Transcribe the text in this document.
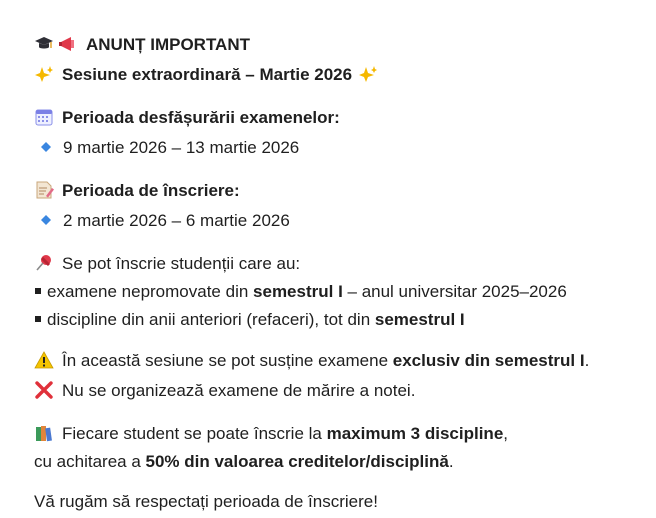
ANUNȚ IMPORTANT
Sesiune extraordinară – Martie 2026
Perioada desfășurării examenelor:
9 martie 2026 – 13 martie 2026
Perioada de înscriere:
2 martie 2026 – 6 martie 2026
Se pot înscrie studenții care au:
examene nepromovate din semestrul I – anul universitar 2025–2026
discipline din anii anteriori (refaceri), tot din semestrul I
În această sesiune se pot susține examene exclusiv din semestrul I.
Nu se organizează examene de mărire a notei.
Fiecare student se poate înscrie la maximum 3 discipline,
cu achitarea a 50% din valoarea creditelor/disciplină.
Vă rugăm să respectați perioada de înscriere!
